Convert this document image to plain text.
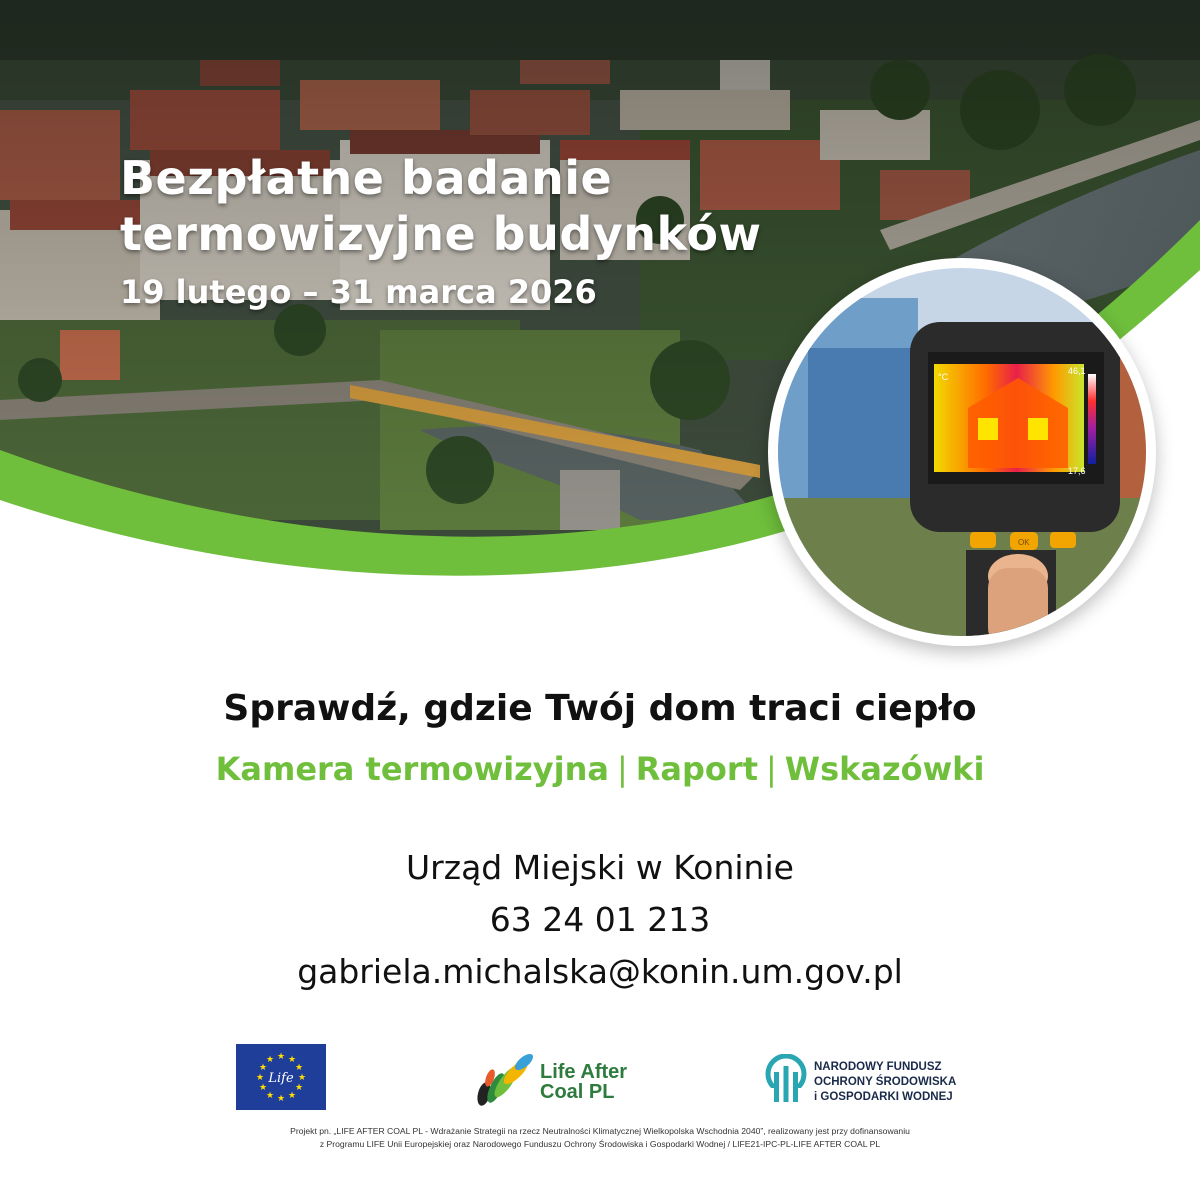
Bezpłatne badanie
termowizyjne budynków
19 lutego – 31 marca 2026
°C
46,1
17,6
OK
Sprawdź, gdzie Twój dom traci ciepło
Kamera termowizyjna | Raport | Wskazówki
Urząd Miejski w Koninie
63 24 01 213
gabriela.michalska@konin.um.gov.pl
★ ★
★
★
★
★
★
★
★
★
★
★
Life	Life After
Coal PL
NARODOWY FUNDUSZ
OCHRONY ŚRODOWISKA
i GOSPODARKI WODNEJ
Projekt pn. „LIFE AFTER COAL PL - Wdrażanie Strategii na rzecz Neutralności Klimatycznej Wielkopolska Wschodnia 2040”, realizowany jest przy dofinansowaniu
z Programu LIFE Unii Europejskiej oraz Narodowego Funduszu Ochrony Środowiska i Gospodarki Wodnej / LIFE21-IPC-PL-LIFE AFTER COAL PL
